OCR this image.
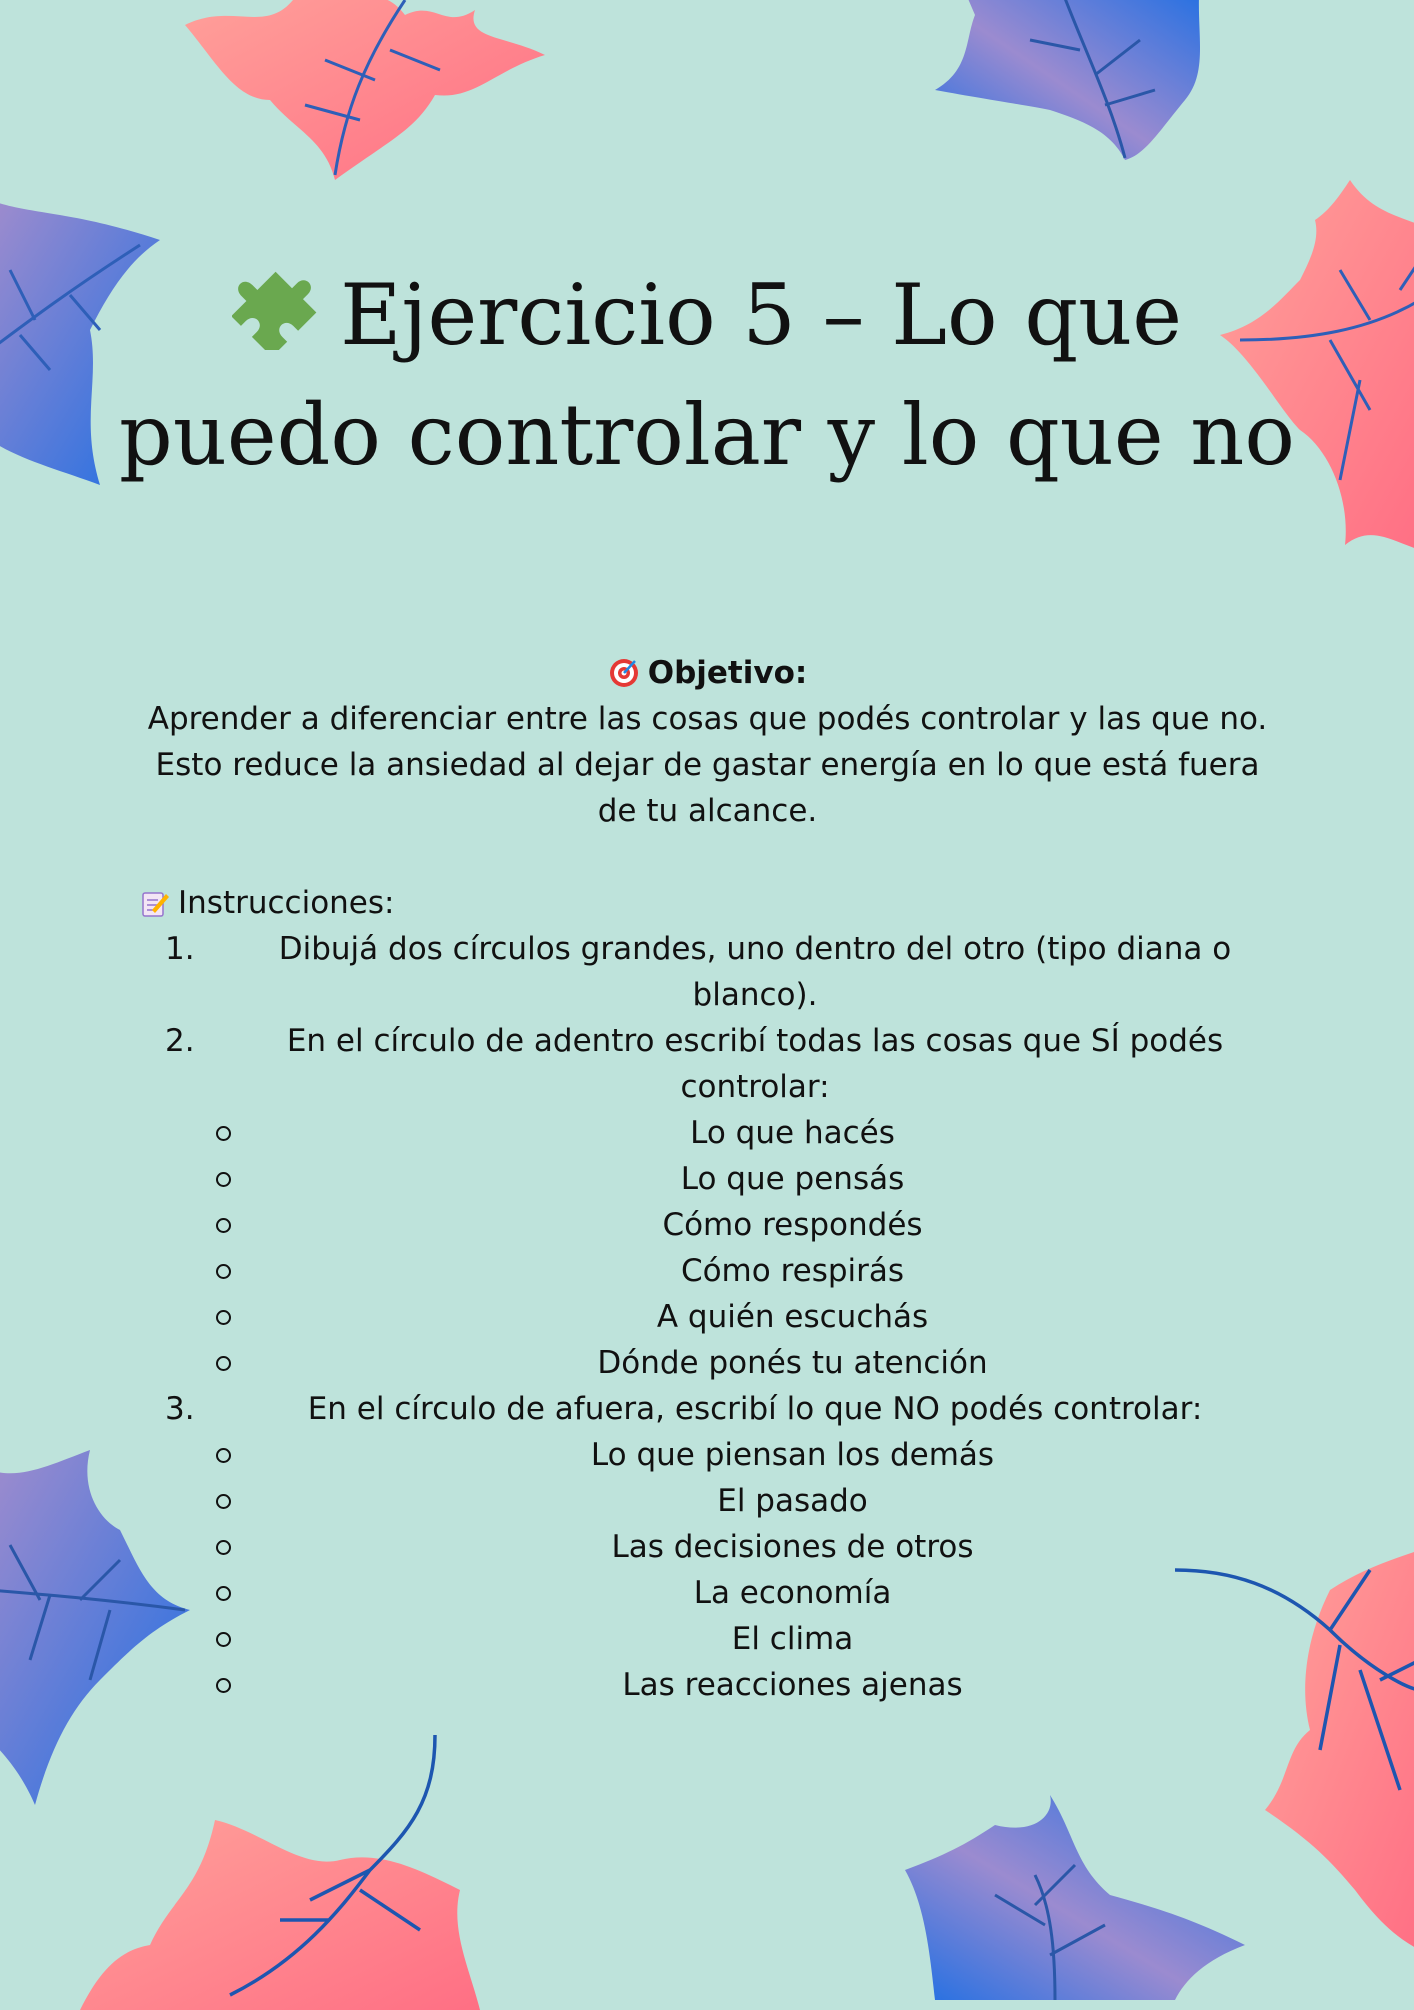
Ejercicio 5 – Lo que
puedo controlar y lo que no
Objetivo:
Aprender a diferenciar entre las cosas que podés controlar y las que no. Esto reduce la ansiedad al dejar de gastar energía en lo que está fuera de tu alcance.
Instrucciones:
1.	Dibujá dos círculos grandes, uno dentro del otro (tipo diana o blanco).
2.	En el círculo de adentro escribí todas las cosas que SÍ podés controlar:
Lo que hacés
Lo que pensás
Cómo respondés
Cómo respirás
A quién escuchás
Dónde ponés tu atención
3.	En el círculo de afuera, escribí lo que NO podés controlar:
Lo que piensan los demás
El pasado
Las decisiones de otros
La economía
El clima
Las reacciones ajenas
